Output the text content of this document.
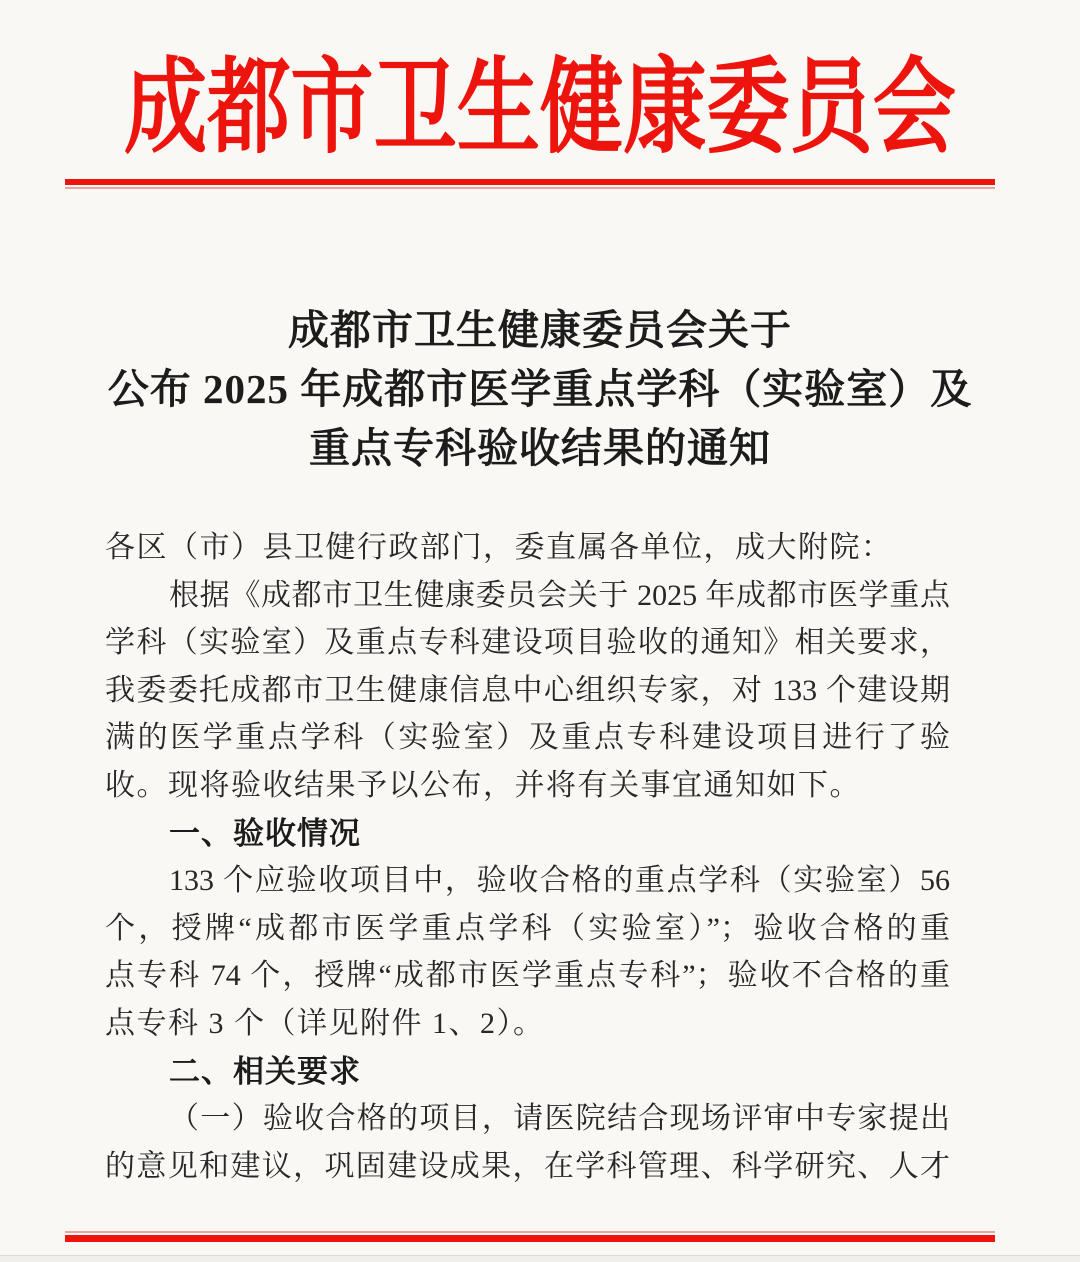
成都市卫生健康委员会
成都市卫生健康委员会关于
公布 2025 年成都市医学重点学科（实验室）及
重点专科验收结果的通知
各区（市）县卫健行政部门，委直属各单位，成大附院：
根据《成都市卫生健康委员会关于 2025 年成都市医学重点
学科（实验室）及重点专科建设项目验收的通知》相关要求，
我委委托成都市卫生健康信息中心组织专家，对 133 个建设期
满的医学重点学科（实验室）及重点专科建设项目进行了验
收。现将验收结果予以公布，并将有关事宜通知如下。
一、验收情况
133 个应验收项目中，验收合格的重点学科（实验室）56
个，授牌“成都市医学重点学科（实验室）”；验收合格的重
点专科 74 个，授牌“成都市医学重点专科”；验收不合格的重
点专科 3 个（详见附件 1、2）。
二、相关要求
（一）验收合格的项目，请医院结合现场评审中专家提出
的意见和建议，巩固建设成果，在学科管理、科学研究、人才
